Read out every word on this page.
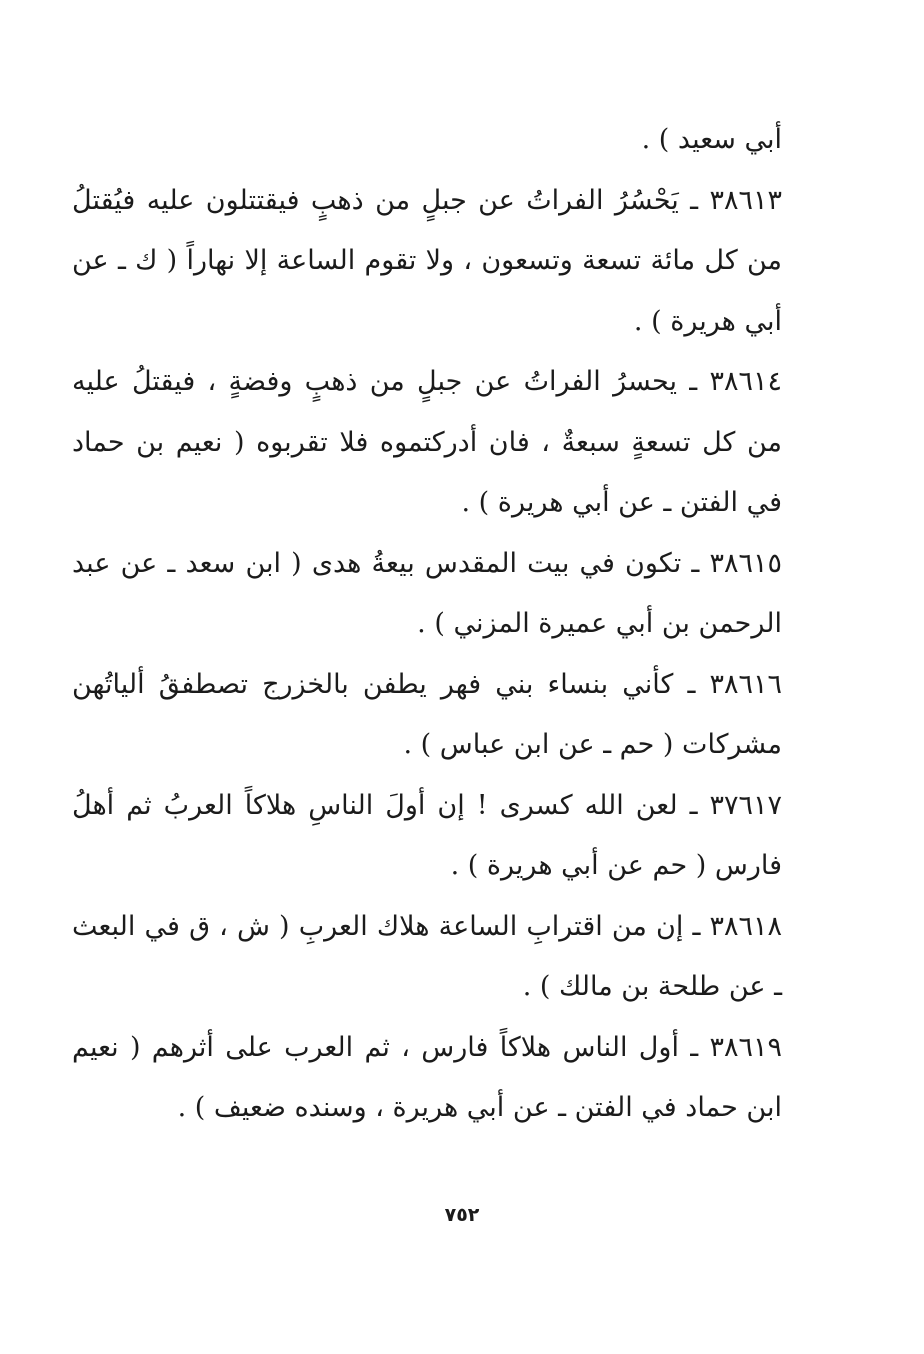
أبي سعيد ) .

٣٨٦١٣ ـ يَحْسُرُ الفراتُ عن جبلٍ من ذهبٍ فيقتتلون عليه فيُقتلُ من كل مائة تسعة وتسعون ، ولا تقوم الساعة إلا نهاراً ( ك ـ عن أبي هريرة ) .

٣٨٦١٤ ـ يحسرُ الفراتُ عن جبلٍ من ذهبٍ وفضةٍ ، فيقتلُ عليه من كل تسعةٍ سبعةٌ ، فان أدركتموه فلا تقربوه ( نعيم بن حماد في الفتن ـ عن أبي هريرة ) .

٣٨٦١٥ ـ تكون في بيت المقدس بيعةُ هدى ( ابن سعد ـ عن عبد الرحمن بن أبي عميرة المزني ) .

٣٨٦١٦ ـ كأني بنساء بني فهر يطفن بالخزرج تصطفقُ ألياتُهن مشركات ( حم ـ عن ابن عباس ) .

٣٧٦١٧ ـ لعن الله كسرى ! إن أولَ الناسِ هلاكاً العربُ ثم أهلُ فارس ( حم عن أبي هريرة ) .

٣٨٦١٨ ـ إن من اقترابِ الساعة هلاك العربِ ( ش ، ق في البعث ـ عن طلحة بن مالك ) .

٣٨٦١٩ ـ أول الناس هلاكاً فارس ، ثم العرب على أثرهم ( نعيم ابن حماد في الفتن ـ عن أبي هريرة ، وسنده ضعيف ) .

٧٥٢
